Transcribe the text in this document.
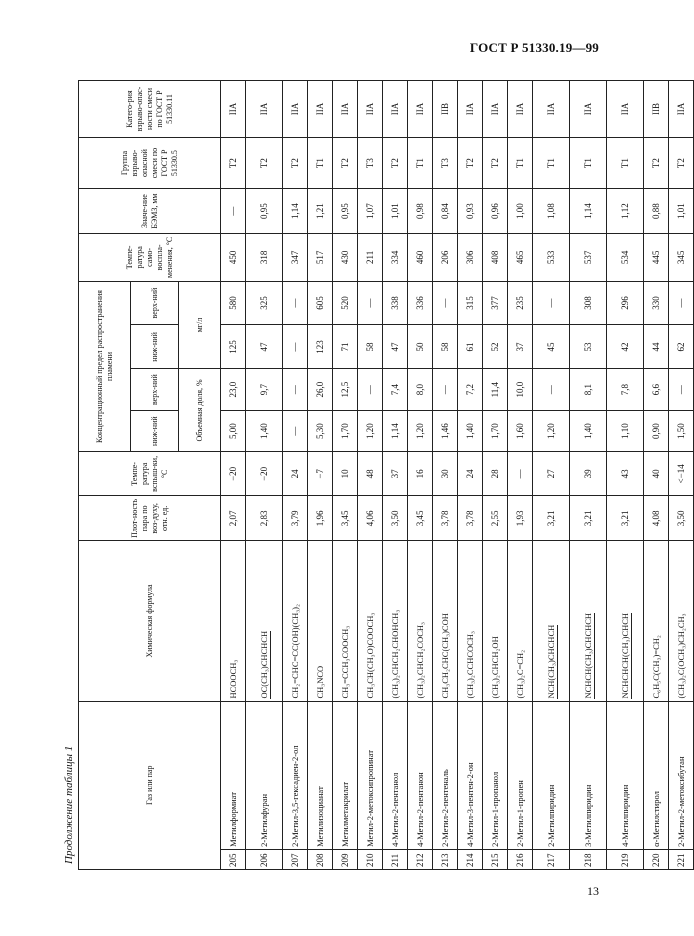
ГОСТ Р 51330.19—99
Продолжение таблицы 1	Газ или пар		Химическая формула	Плот-ность пара по воз-духу, отн. ед.	Темпе-ратура вспыш-ки, °С	Концентрационный предел распространения пламени				Темпе-ратура само-воспла-менения, °С	Значе-ние БЭМЗ, мм	Группа взрыво-опасной смеси по ГОСТ Р 51330.5	Катего-рия взрыво-опас-ности смеси по ГОСТ Р 51330.11
					ниж-ний	верх-ний	ниж-ний	верх-ний				
					Объемная доля, %		мг/л					
205	Метилформиат	HCOOCH₃	2,07	−20	5,00	23,0	125	580	450	—	T2	IIA
206	2-Метилфуран	OC(CH₃)CHCHCH	2,83	−20	1,40	9,7	47	325	318	0,95	T2	IIA
207	2-Метил-3,5-гексадиен-2-ол	CH₂=CHC=CC(OH)(CH₃)₂	3,79	24	—	—	—	—	347	1,14	T2	IIA
208	Метилизоцианат	CH₃NCO	1,96	−7	5,30	26,0	123	605	517	1,21	T1	IIA
209	Метилметакрилат	CH₃=CCH₃COOCH₃	3,45	10	1,70	12,5	71	520	430	0,95	T2	IIA
210	Метил-2-метоксипропинат	CH₃CH(CH₃O)COOCH₃	4,06	48	1,20	—	58	—	211	1,07	T3	IIA
211	4-Метил-2-пентанол	(CH₃)₂CHCH₂CHOHCH₃	3,50	37	1,14	7,4	47	338	334	1,01	T2	IIA
212	4-Метил-2-пентанон	(CH₃)₂CHCH₂COCH₃	3,45	16	1,20	8,0	50	336	460	0,98	T1	IIA
213	2-Метил-2-пентеналь	CH₃CH₂CHC(CH₃)COH	3,78	30	1,46	—	58	—	206	0,84	T3	IIB
214	4-Метил-3-пентен-2-он	(CH₃)₂CCHCOCH₃	3,78	24	1,40	7,2	61	315	306	0,93	T2	IIA
215	2-Метил-1-пропанол	(CH₃)₂CHCH₂OH	2,55	28	1,70	11,4	52	377	408	0,96	T2	IIA
216	2-Метил-1-пропен	(CH₃)₂C=CH₂	1,93	—	1,60	10,0	37	235	465	1,00	T1	IIA
217	2-Метилпиридин	NCH(CH₃)CHCHCH	3,21	27	1,20	—	45	—	533	1,08	T1	IIA
218	3-Метилпиридин	NCHCH(CH₃)CHCHCH	3,21	39	1,40	8,1	53	308	537	1,14	T1	IIA
219	4-Метилпиридин	NCHCHCH(CH₃)CHCH	3,21	43	1,10	7,8	42	296	534	1,12	T1	IIA
220	α-Метилстирол	C₆H₅C(CH₃)=CH₂	4,08	40	0,90	6,6	44	330	445	0,88	T2	IIB
221	2-Метил-2-метоксибутан	(CH₃)₂C(OCH₃)CH₂CH₃	3,50	<−14	1,50	—	62	—	345	1,01	T2	IIA
13
